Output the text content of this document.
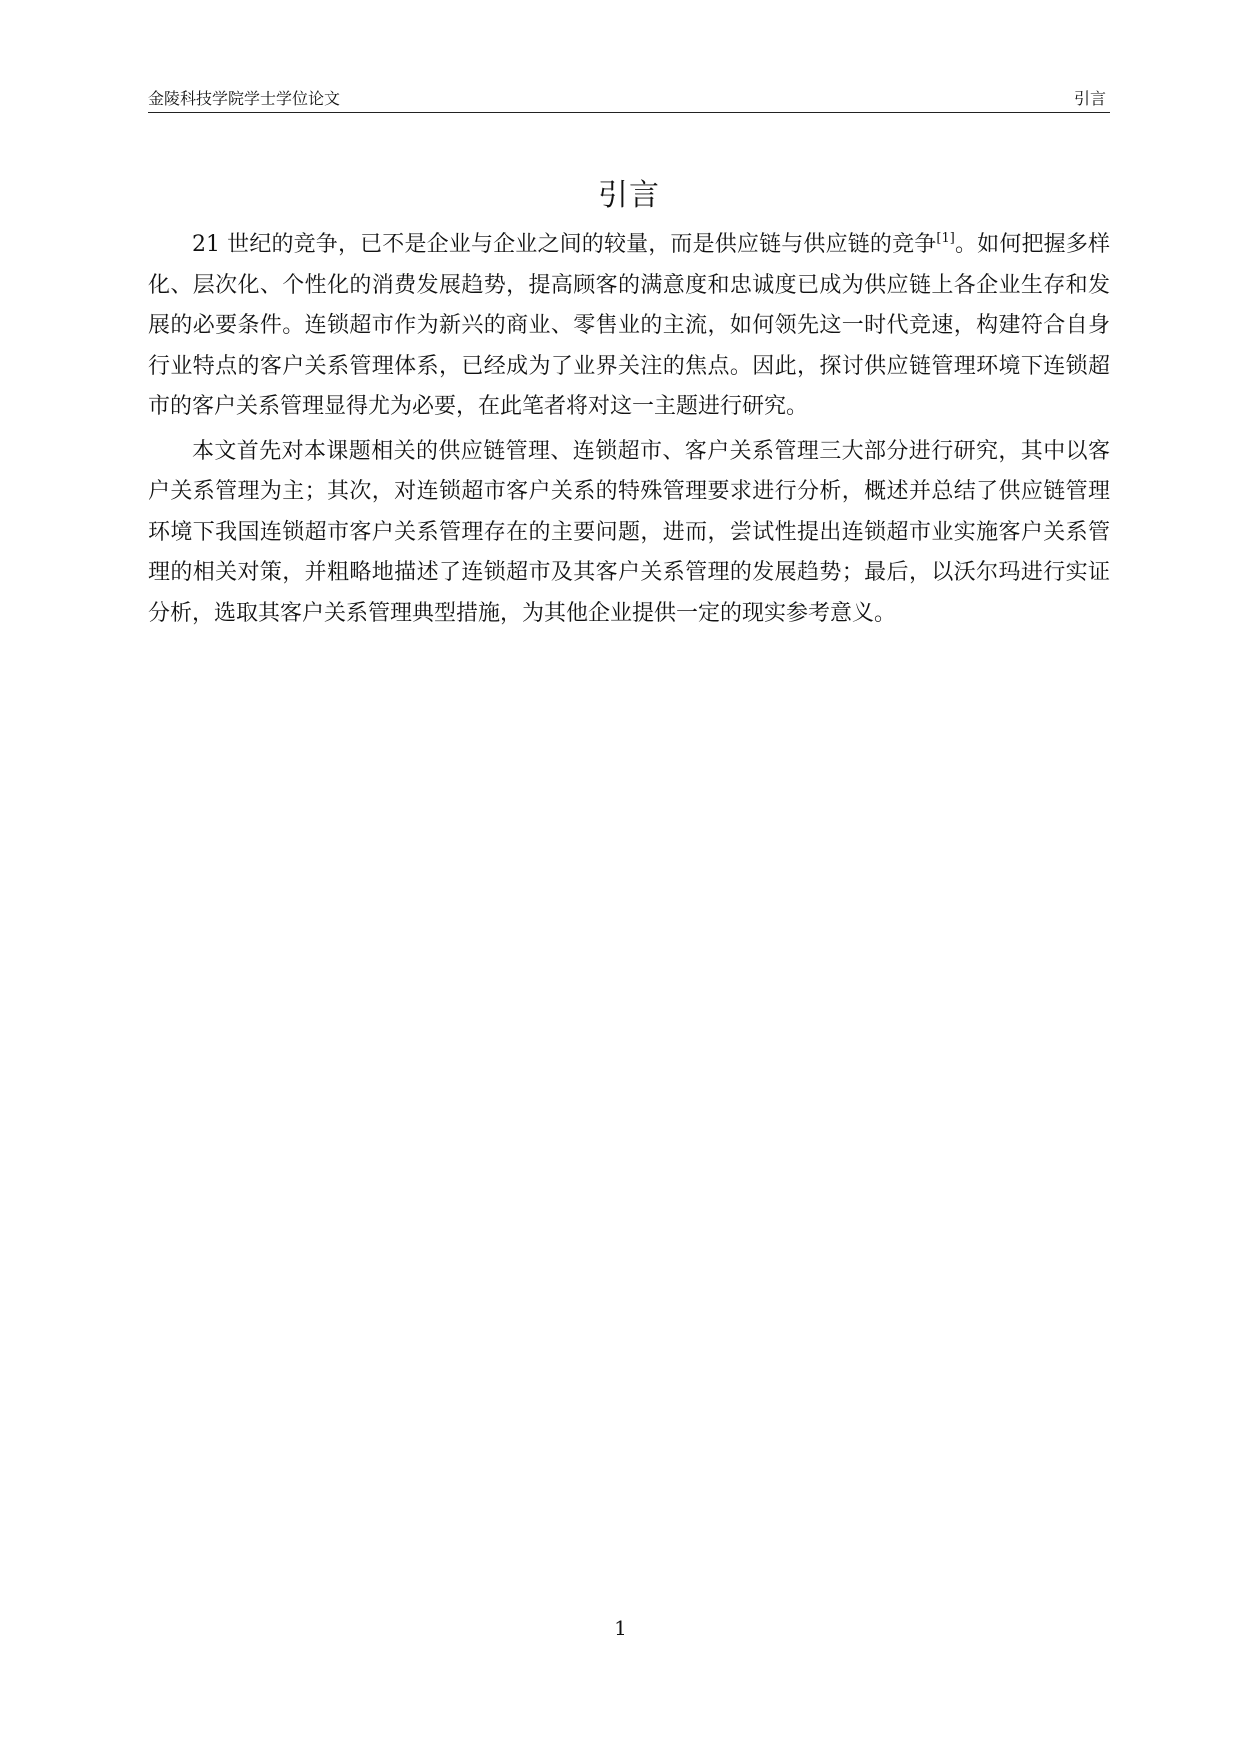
金陵科技学院学士学位论文	引言
引言

21 世纪的竞争，已不是企业与企业之间的较量，而是供应链与供应链的竞争[1]。如何把握多样化、层次化、个性化的消费发展趋势，提高顾客的满意度和忠诚度已成为供应链上各企业生存和发展的必要条件。连锁超市作为新兴的商业、零售业的主流，如何领先这一时代竞速，构建符合自身行业特点的客户关系管理体系，已经成为了业界关注的焦点。因此，探讨供应链管理环境下连锁超市的客户关系管理显得尤为必要，在此笔者将对这一主题进行研究。

本文首先对本课题相关的供应链管理、连锁超市、客户关系管理三大部分进行研究，其中以客户关系管理为主；其次，对连锁超市客户关系的特殊管理要求进行分析，概述并总结了供应链管理环境下我国连锁超市客户关系管理存在的主要问题，进而，尝试性提出连锁超市业实施客户关系管理的相关对策，并粗略地描述了连锁超市及其客户关系管理的发展趋势；最后，以沃尔玛进行实证分析，选取其客户关系管理典型措施，为其他企业提供一定的现实参考意义。

1
